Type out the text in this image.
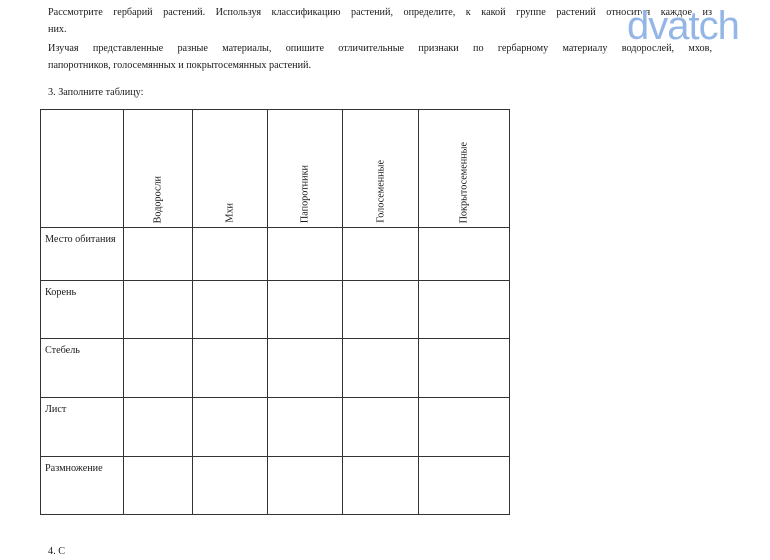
Рассмотрите гербарий растений. Используя классификацию растений, определите, к какой группе растений относится каждое из
них.
Изучая представленные разные материалы, опишите отличительные признаки по гербарному материалу водорослей, мхов,
папоротников, голосемянных и покрытосемянных растений.
3. Заполните таблицу:

	Водоросли	Мхи	Папоротники	Голосеменные	Покрытосеменные

Место обитания					
Корень					
Стебель					
Лист					
Размножение					
dvatch
4. С
